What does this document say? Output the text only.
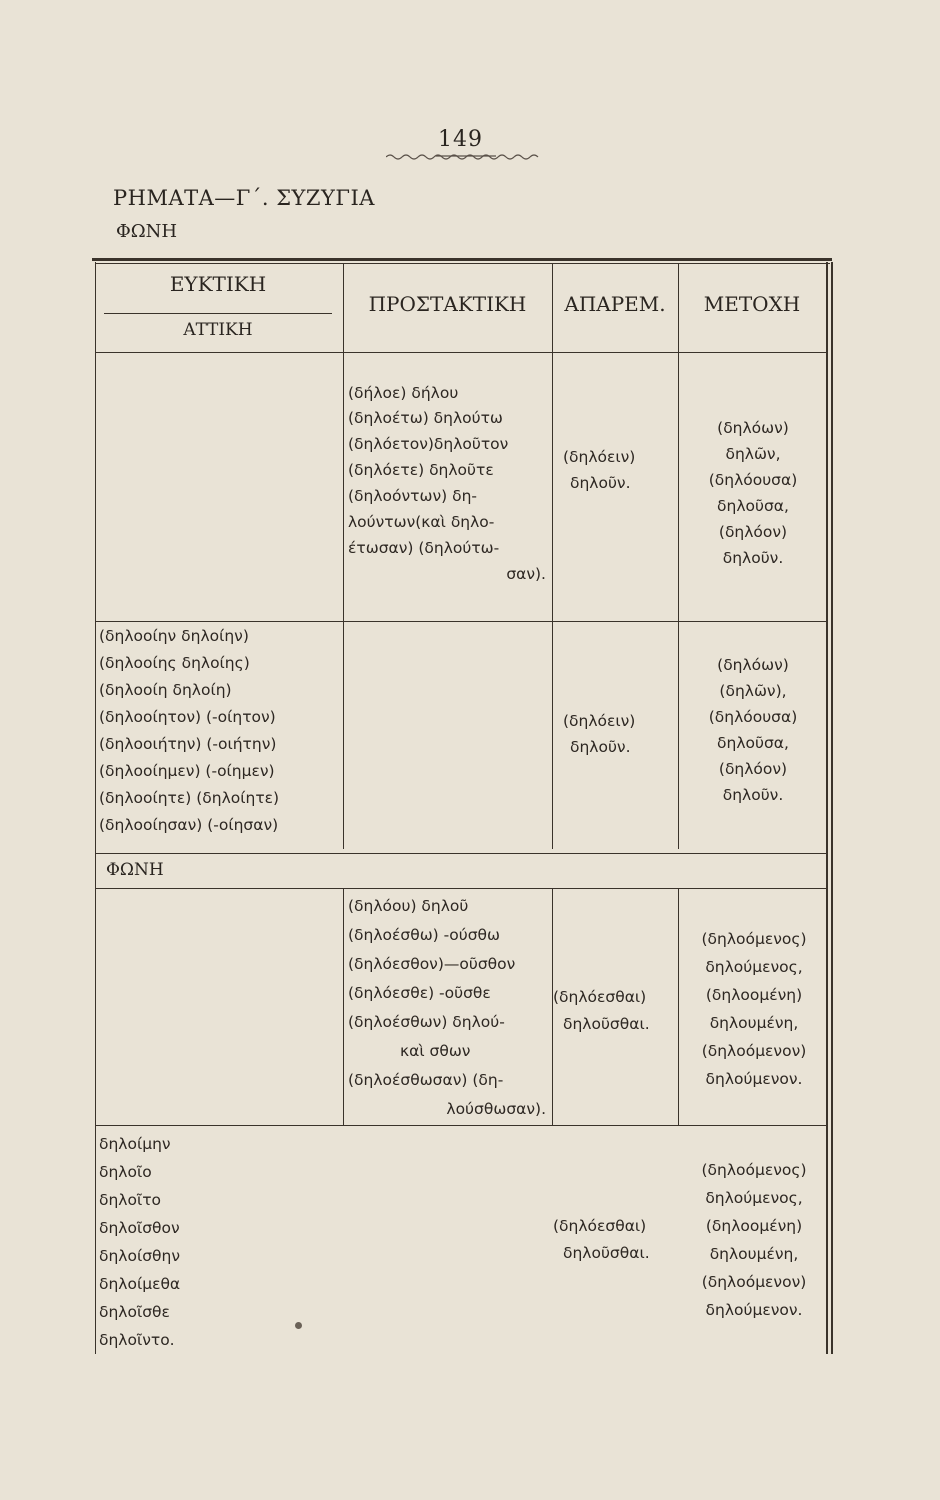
149
ΡΗΜΑΤΑ—Γ΄. ΣΥΖΥΓΙΑ
ΦΩΝΗ
ΕΥΚΤΙΚΗ
ΑΤΤΙΚΗ
ΠΡΟΣΤΑΚΤΙΚΗ	ΑΠΑΡΕΜ.	ΜΕΤΟΧΗ
(δήλοε) δήλου
(δηλοέτω) δηλούτω
(δηλόετον)δηλοῦτον
(δηλόετε) δηλοῦτε
(δηλοόντων) δη-
λούντων(καὶ δηλο-
έτωσαν) (δηλούτω-
σαν).
(δηλόειν)
δηλοῦν.
(δηλόων)
δηλῶν,
(δηλόουσα)
δηλοῦσα,
(δηλόον)
δηλοῦν.
(δηλοοίην δηλοίην)
(δηλοοίης δηλοίης)
(δηλοοίη δηλοίη)
(δηλοοίητον) (-οίητον)
(δηλοοιήτην) (-οιήτην)
(δηλοοίημεν) (-οίημεν)
(δηλοοίητε) (δηλοίητε)
(δηλοοίησαν) (-οίησαν)
(δηλόειν)
δηλοῦν.
(δηλόων)
(δηλῶν),
(δηλόουσα)
δηλοῦσα,
(δηλόον)
δηλοῦν.
ΦΩΝΗ
(δηλόου) δηλοῦ
(δηλοέσθω) -ούσθω
(δηλόεσθον)—οῦσθον
(δηλόεσθε) -οῦσθε
(δηλοέσθων) δηλού-
καὶ σθων
(δηλοέσθωσαν) (δη-
λούσθωσαν).
(δηλόεσθαι)
δηλοῦσθαι.
(δηλοόμενος)
δηλούμενος,
(δηλοομένη)
δηλουμένη,
(δηλοόμενον)
δηλούμενον.
δηλοίμην
δηλοῖο
δηλοῖτο
δηλοῖσθον
δηλοίσθην
δηλοίμεθα
δηλοῖσθε
δηλοῖντο.
(δηλόεσθαι)
δηλοῦσθαι.
(δηλοόμενος)
δηλούμενος,
(δηλοομένη)
δηλουμένη,
(δηλοόμενον)
δηλούμενον.
